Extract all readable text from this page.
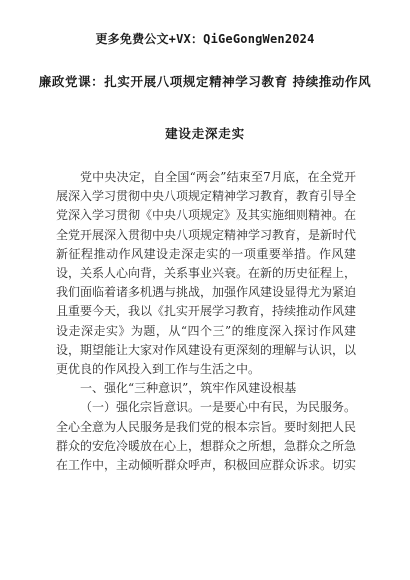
更多免费公文+VX：QiGeGongWen2024
廉政党课：扎实开展八项规定精神学习教育 持续推动作风
建设走深走实

党中央决定，自全国“两会”结束至7月底，在全党开展深入学习贯彻中央八项规定精神学习教育，教育引导全党深入学习贯彻《中央八项规定》及其实施细则精神。在全党开展深入贯彻中央八项规定精神学习教育，是新时代新征程推动作风建设走深走实的一项重要举措。作风建设，关系人心向背，关系事业兴衰。在新的历史征程上，我们面临着诸多机遇与挑战，加强作风建设显得尤为紧迫且重要今天，我以《扎实开展学习教育，持续推动作风建设走深走实》为题，从“四个三”的维度深入探讨作风建设，期望能让大家对作风建设有更深刻的理解与认识，以更优良的作风投入到工作与生活之中。

一、强化“三种意识”，筑牢作风建设根基

（一）强化宗旨意识。一是要心中有民，为民服务。全心全意为人民服务是我们党的根本宗旨。要时刻把人民群众的安危冷暖放在心上，想群众之所想，急群众之所急在工作中，主动倾听群众呼声，积极回应群众诉求。切实
